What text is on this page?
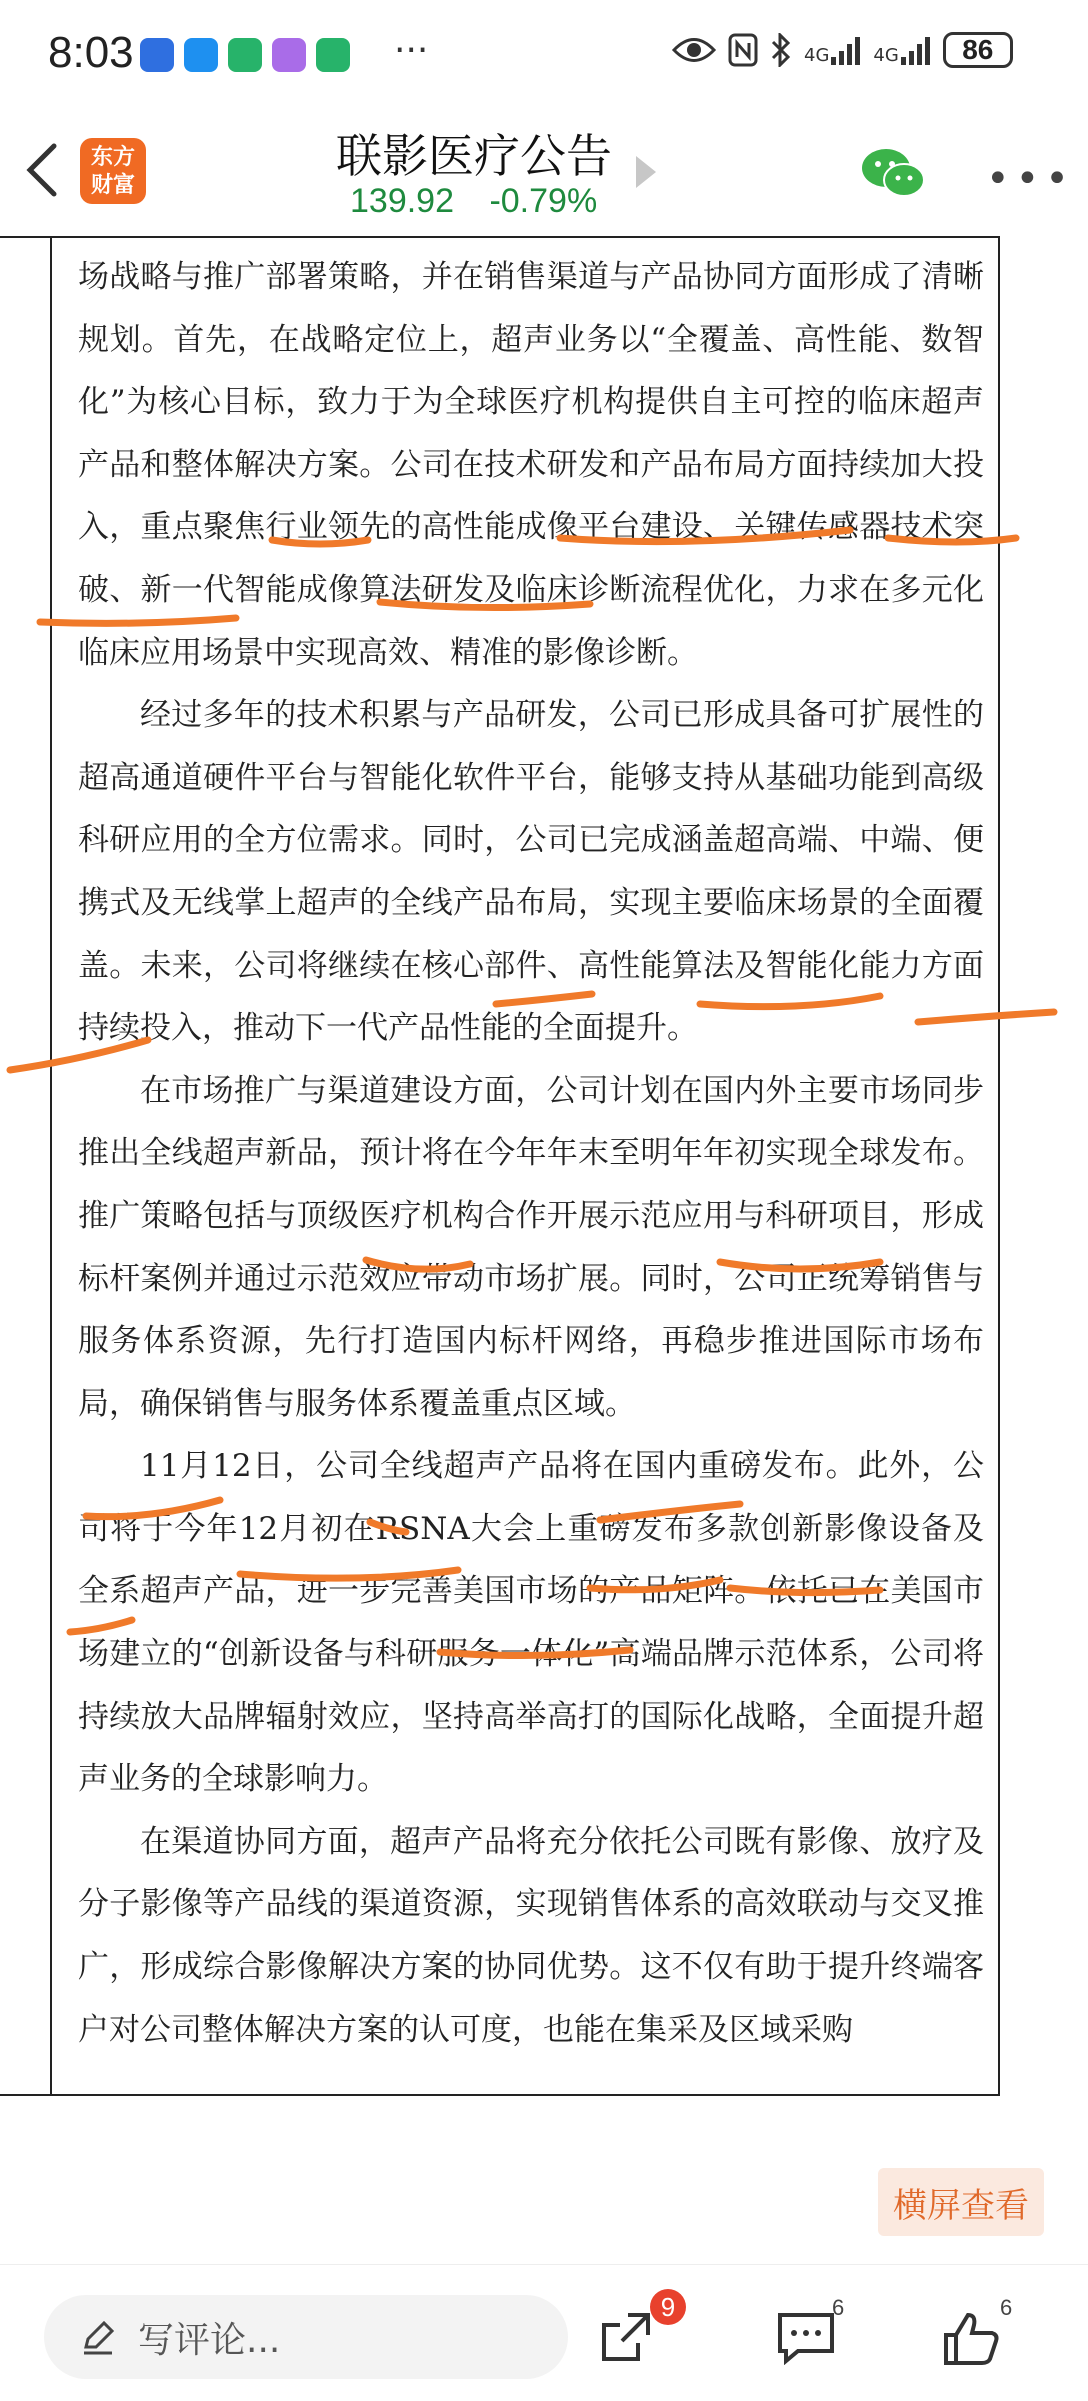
8:03	···	4G 4G	86
东方
财富
联影医疗公告
139.92 -0.79%	•••

场战略与推广部署策略，并在销售渠道与产品协同方面形成了清晰规划。首先，在战略定位上，超声业务以“全覆盖、高性能、数智化”为核心目标，致力于为全球医疗机构提供自主可控的临床超声产品和整体解决方案。公司在技术研发和产品布局方面持续加大投入，重点聚焦行业领先的高性能成像平台建设、关键传感器技术突破、新一代智能成像算法研发及临床诊断流程优化，力求在多元化临床应用场景中实现高效、精准的影像诊断。

经过多年的技术积累与产品研发，公司已形成具备可扩展性的超高通道硬件平台与智能化软件平台，能够支持从基础功能到高级科研应用的全方位需求。同时，公司已完成涵盖超高端、中端、便携式及无线掌上超声的全线产品布局，实现主要临床场景的全面覆盖。未来，公司将继续在核心部件、高性能算法及智能化能力方面持续投入，推动下一代产品性能的全面提升。

在市场推广与渠道建设方面，公司计划在国内外主要市场同步推出全线超声新品，预计将在今年年末至明年年初实现全球发布。推广策略包括与顶级医疗机构合作开展示范应用与科研项目，形成标杆案例并通过示范效应带动市场扩展。同时，公司正统筹销售与服务体系资源，先行打造国内标杆网络，再稳步推进国际市场布局，确保销售与服务体系覆盖重点区域。

11月12日，公司全线超声产品将在国内重磅发布。此外，公司将于今年12月初在RSNA大会上重磅发布多款创新影像设备及全系超声产品，进一步完善美国市场的产品矩阵。依托已在美国市场建立的“创新设备与科研服务一体化”高端品牌示范体系，公司将持续放大品牌辐射效应，坚持高举高打的国际化战略，全面提升超声业务的全球影响力。

在渠道协同方面，超声产品将充分依托公司既有影像、放疗及分子影像等产品线的渠道资源，实现销售体系的高效联动与交叉推广，形成综合影像解决方案的协同优势。这不仅有助于提升终端客户对公司整体解决方案的认可度，也能在集采及区域采购

横屏查看
写评论...
9	6	6
